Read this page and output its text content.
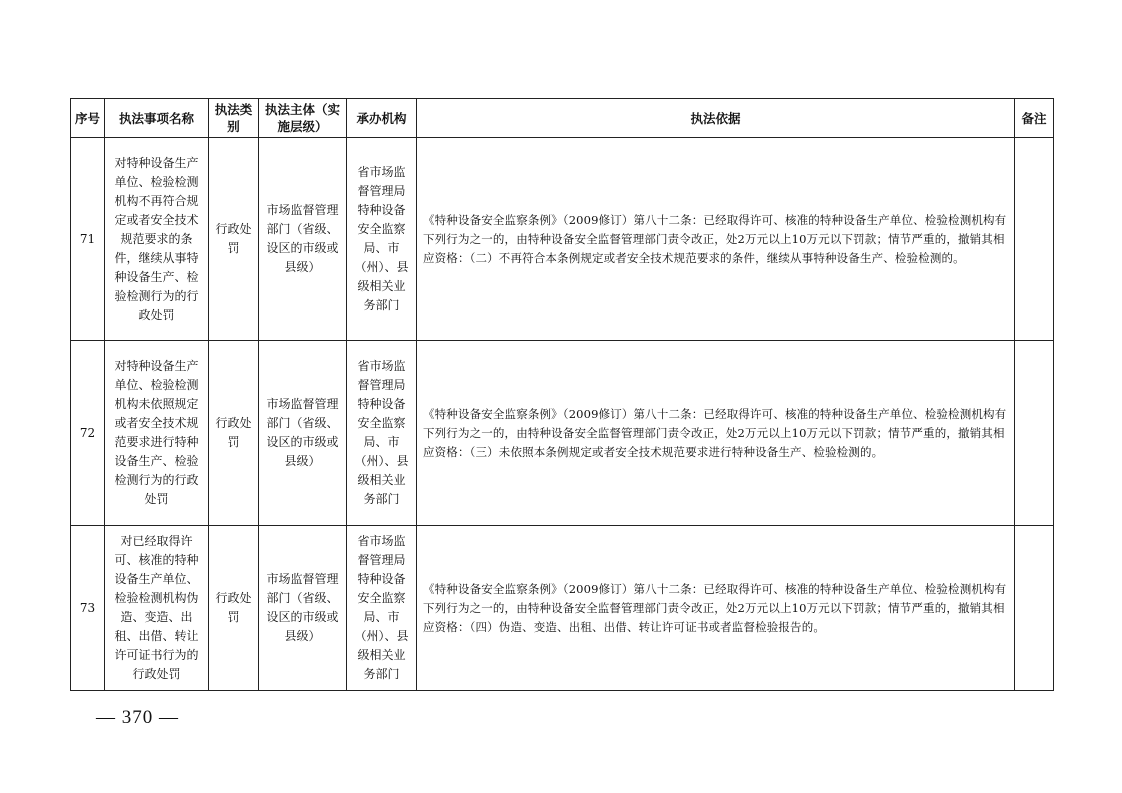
序号	执法事项名称	执法类别	执法主体（实施层级）	承办机构	执法依据	备注
71	对特种设备生产单位、检验检测机构不再符合规定或者安全技术规范要求的条件，继续从事特种设备生产、检验检测行为的行政处罚	行政处罚	市场监督管理部门（省级、设区的市级或县级）	省市场监督管理局特种设备安全监察局、市（州）、县级相关业务部门	《特种设备安全监察条例》（2009修订）第八十二条：已经取得许可、核准的特种设备生产单位、检验检测机构有下列行为之一的，由特种设备安全监督管理部门责令改正，处2万元以上10万元以下罚款；情节严重的，撤销其相应资格：（二）不再符合本条例规定或者安全技术规范要求的条件，继续从事特种设备生产、检验检测的。	
72	对特种设备生产单位、检验检测机构未依照规定或者安全技术规范要求进行特种设备生产、检验检测行为的行政处罚	行政处罚	市场监督管理部门（省级、设区的市级或县级）	省市场监督管理局特种设备安全监察局、市（州）、县级相关业务部门	《特种设备安全监察条例》（2009修订）第八十二条：已经取得许可、核准的特种设备生产单位、检验检测机构有下列行为之一的，由特种设备安全监督管理部门责令改正，处2万元以上10万元以下罚款；情节严重的，撤销其相应资格：（三）未依照本条例规定或者安全技术规范要求进行特种设备生产、检验检测的。	
73	对已经取得许可、核准的特种设备生产单位、检验检测机构伪造、变造、出租、出借、转让许可证书行为的行政处罚	行政处罚	市场监督管理部门（省级、设区的市级或县级）	省市场监督管理局特种设备安全监察局、市（州）、县级相关业务部门	《特种设备安全监察条例》（2009修订）第八十二条：已经取得许可、核准的特种设备生产单位、检验检测机构有下列行为之一的，由特种设备安全监督管理部门责令改正，处2万元以上10万元以下罚款；情节严重的，撤销其相应资格：（四）伪造、变造、出租、出借、转让许可证书或者监督检验报告的。	
— 370 —
